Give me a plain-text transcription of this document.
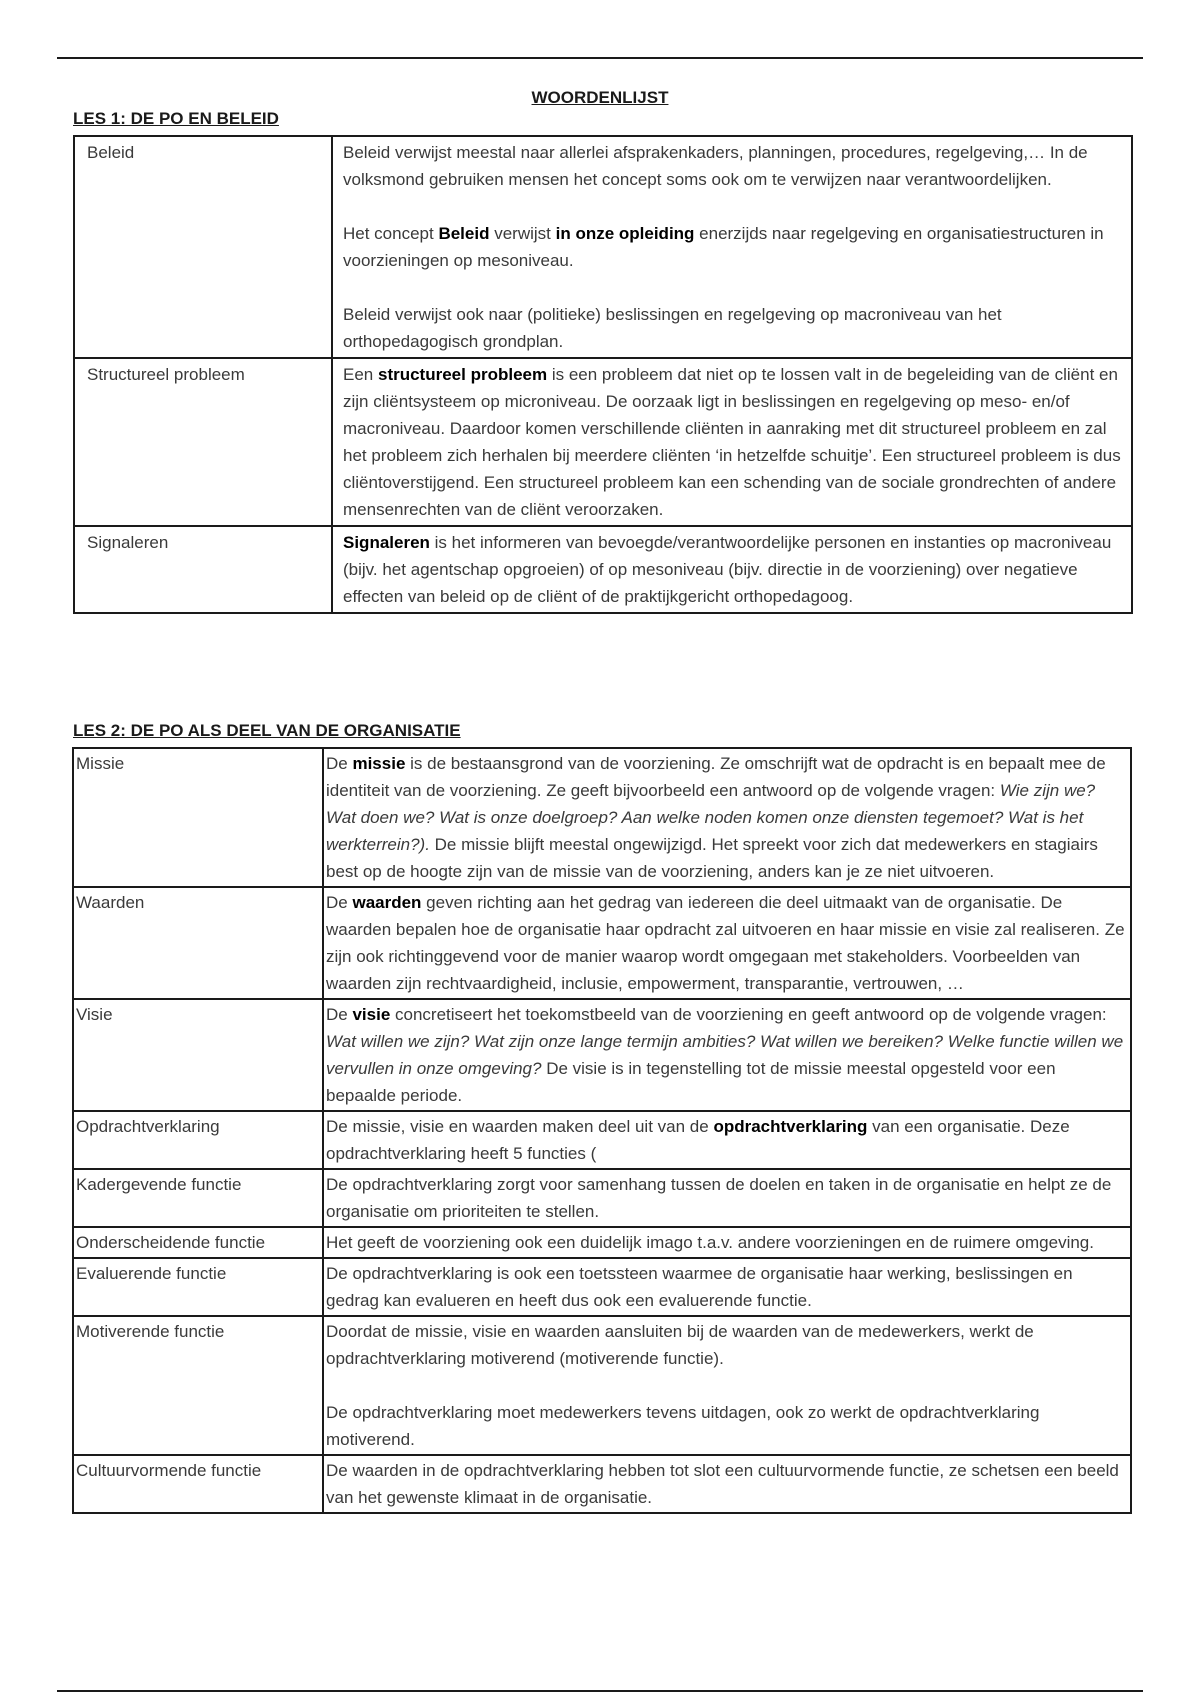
WOORDENLIJST
LES 1: DE PO EN BELEID
Beleid	Beleid verwijst meestal naar allerlei afsprakenkaders, planningen, procedures, regelgeving,… In de volksmond gebruiken mensen het concept soms ook om te verwijzen naar verantwoordelijken.

Het concept Beleid verwijst in onze opleiding enerzijds naar regelgeving en organisatiestructuren in voorzieningen op mesoniveau.

Beleid verwijst ook naar (politieke) beslissingen en regelgeving op macroniveau van het orthopedagogisch grondplan.

Structureel probleem	Een structureel probleem is een probleem dat niet op te lossen valt in de begeleiding van de cliënt en zijn cliëntsysteem op microniveau. De oorzaak ligt in beslissingen en regelgeving op meso- en/of macroniveau. Daardoor komen verschillende cliënten in aanraking met dit structureel probleem en zal het probleem zich herhalen bij meerdere cliënten ‘in hetzelfde schuitje’. Een structureel probleem is dus cliëntoverstijgend. Een structureel probleem kan een schending van de sociale grondrechten of andere mensenrechten van de cliënt veroorzaken.

Signaleren	Signaleren is het informeren van bevoegde/verantwoordelijke personen en instanties op macroniveau (bijv. het agentschap opgroeien) of op mesoniveau (bijv. directie in de voorziening) over negatieve effecten van beleid op de cliënt of de praktijkgericht orthopedagoog.

LES 2: DE PO ALS DEEL VAN DE ORGANISATIE
Missie	De missie is de bestaansgrond van de voorziening. Ze omschrijft wat de opdracht is en bepaalt mee de identiteit van de voorziening. Ze geeft bijvoorbeeld een antwoord op de volgende vragen: Wie zijn we? Wat doen we? Wat is onze doelgroep? Aan welke noden komen onze diensten tegemoet? Wat is het werkterrein?). De missie blijft meestal ongewijzigd. Het spreekt voor zich dat medewerkers en stagiairs best op de hoogte zijn van de missie van de voorziening, anders kan je ze niet uitvoeren.

Waarden	De waarden geven richting aan het gedrag van iedereen die deel uitmaakt van de organisatie. De waarden bepalen hoe de organisatie haar opdracht zal uitvoeren en haar missie en visie zal realiseren. Ze zijn ook richtinggevend voor de manier waarop wordt omgegaan met stakeholders. Voorbeelden van waarden zijn rechtvaardigheid, inclusie, empowerment, transparantie, vertrouwen, …

Visie	De visie concretiseert het toekomstbeeld van de voorziening en geeft antwoord op de volgende vragen: Wat willen we zijn? Wat zijn onze lange termijn ambities? Wat willen we bereiken? Welke functie willen we vervullen in onze omgeving? De visie is in tegenstelling tot de missie meestal opgesteld voor een bepaalde periode.

Opdrachtverklaring	De missie, visie en waarden maken deel uit van de opdrachtverklaring van een organisatie. Deze opdrachtverklaring heeft 5 functies (

Kadergevende functie	De opdrachtverklaring zorgt voor samenhang tussen de doelen en taken in de organisatie en helpt ze de organisatie om prioriteiten te stellen.

Onderscheidende functie	Het geeft de voorziening ook een duidelijk imago t.a.v. andere voorzieningen en de ruimere omgeving.

Evaluerende functie	De opdrachtverklaring is ook een toetssteen waarmee de organisatie haar werking, beslissingen en gedrag kan evalueren en heeft dus ook een evaluerende functie.

Motiverende functie	Doordat de missie, visie en waarden aansluiten bij de waarden van de medewerkers, werkt de opdrachtverklaring motiverend (motiverende functie).

De opdrachtverklaring moet medewerkers tevens uitdagen, ook zo werkt de opdrachtverklaring motiverend.

Cultuurvormende functie	De waarden in de opdrachtverklaring hebben tot slot een cultuurvormende functie, ze schetsen een beeld van het gewenste klimaat in de organisatie.
